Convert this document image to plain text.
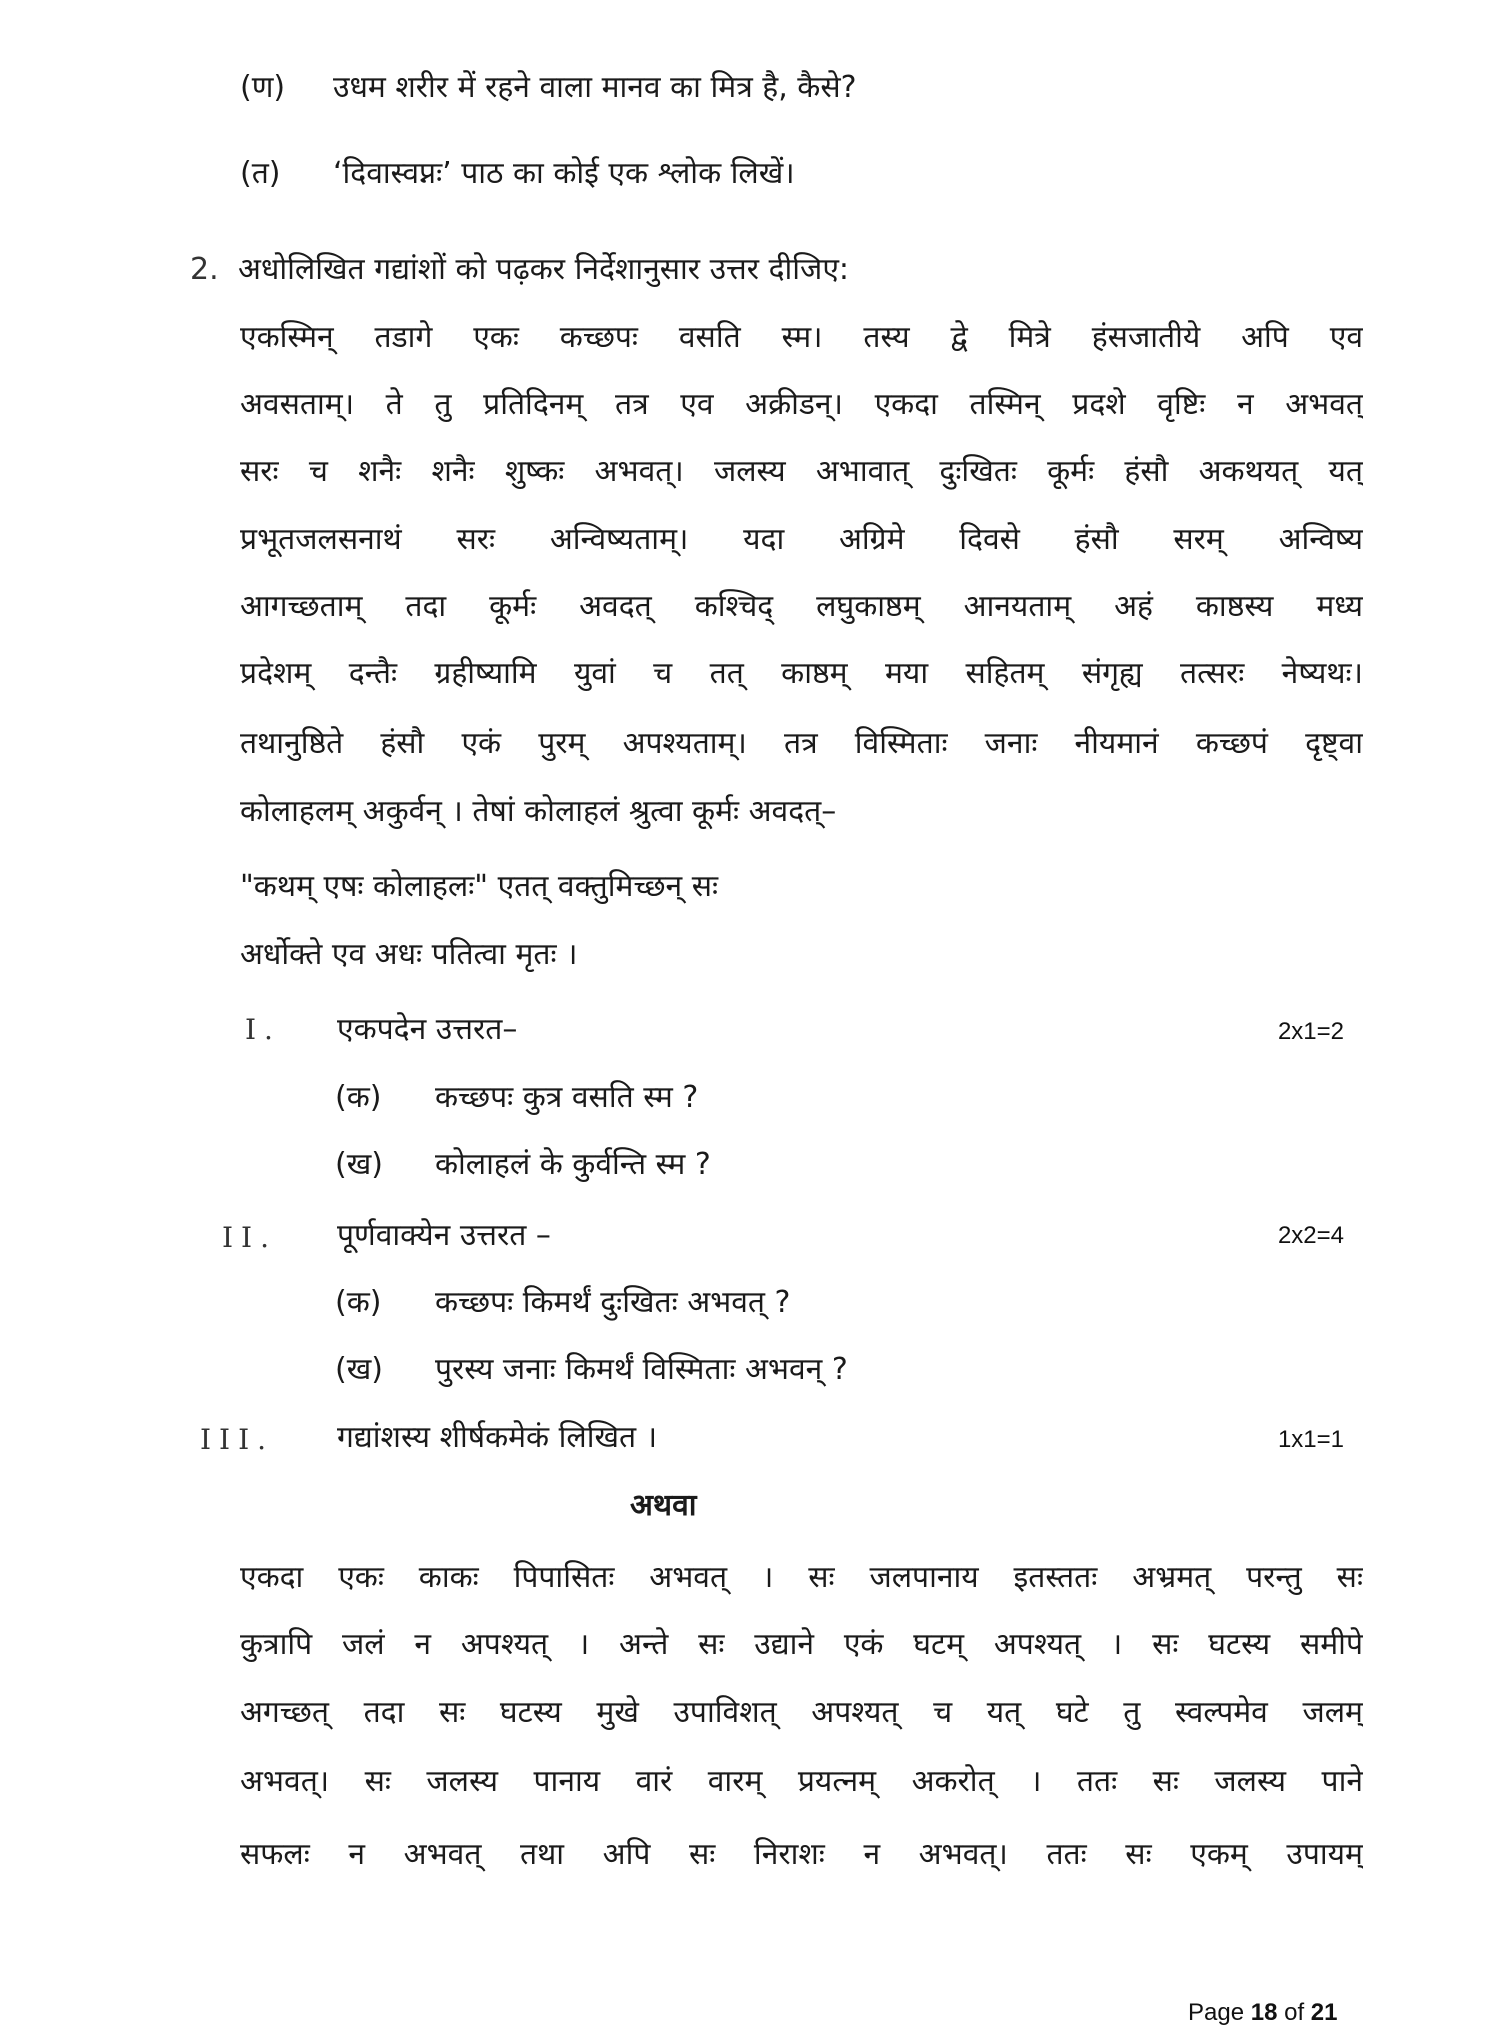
(ण) उधम शरीर में रहने वाला मानव का मित्र है, कैसे?
(त) ‘दिवास्वप्नः’ पाठ का कोई एक श्लोक लिखें।
2. अधोलिखित गद्यांशों को पढ़कर निर्देशानुसार उत्तर दीजिए:
एकस्मिन् तडागे एकः कच्छपः वसति स्म। तस्य द्वे मित्रे हंसजातीये अपि एव
अवसताम्। ते तु प्रतिदिनम् तत्र एव अक्रीडन्। एकदा तस्मिन् प्रदशे वृष्टिः न अभवत्
सरः च शनैः शनैः शुष्कः अभवत्। जलस्य अभावात् दुःखितः कूर्मः हंसौ अकथयत् यत्
प्रभूतजलसनाथं सरः अन्विष्यताम्। यदा अग्रिमे दिवसे हंसौ सरम् अन्विष्य
आगच्छताम् तदा कूर्मः अवदत् कश्चिद् लघुकाष्ठम् आनयताम् अहं काष्ठस्य मध्य
प्रदेशम् दन्तैः ग्रहीष्यामि युवां च तत् काष्ठम् मया सहितम् संगृह्य तत्सरः नेष्यथः।
तथानुष्ठिते हंसौ एकं पुरम् अपश्यताम्। तत्र विस्मिताः जनाः नीयमानं कच्छपं दृष्ट्वा
कोलाहलम् अकुर्वन् । तेषां कोलाहलं श्रुत्वा कूर्मः अवदत्–
"कथम् एषः कोलाहलः" एतत् वक्तुमिच्छन् सः
अर्धोक्ते एव अधः पतित्वा मृतः ।
I. एकपदेन उत्तरत–	2x1=2
(क) कच्छपः कुत्र वसति स्म ?
(ख) कोलाहलं के कुर्वन्ति स्म ?
II. पूर्णवाक्येन उत्तरत –	2x2=4
(क) कच्छपः किमर्थं दुःखितः अभवत् ?
(ख) पुरस्य जनाः किमर्थं विस्मिताः अभवन् ?
III. गद्यांशस्य शीर्षकमेकं लिखित ।	1x1=1
अथवा
एकदा एकः काकः पिपासितः अभवत् । सः जलपानाय इतस्ततः अभ्रमत् परन्तु सः
कुत्रापि जलं न अपश्यत् । अन्ते सः उद्याने एकं घटम् अपश्यत् । सः घटस्य समीपे
अगच्छत् तदा सः घटस्य मुखे उपाविशत् अपश्यत् च यत् घटे तु स्वल्पमेव जलम्
अभवत्। सः जलस्य पानाय वारं वारम् प्रयत्नम् अकरोत् । ततः सः जलस्य पाने
सफलः न अभवत् तथा अपि सः निराशः न अभवत्। ततः सः एकम् उपायम्
Page 18 of 21
